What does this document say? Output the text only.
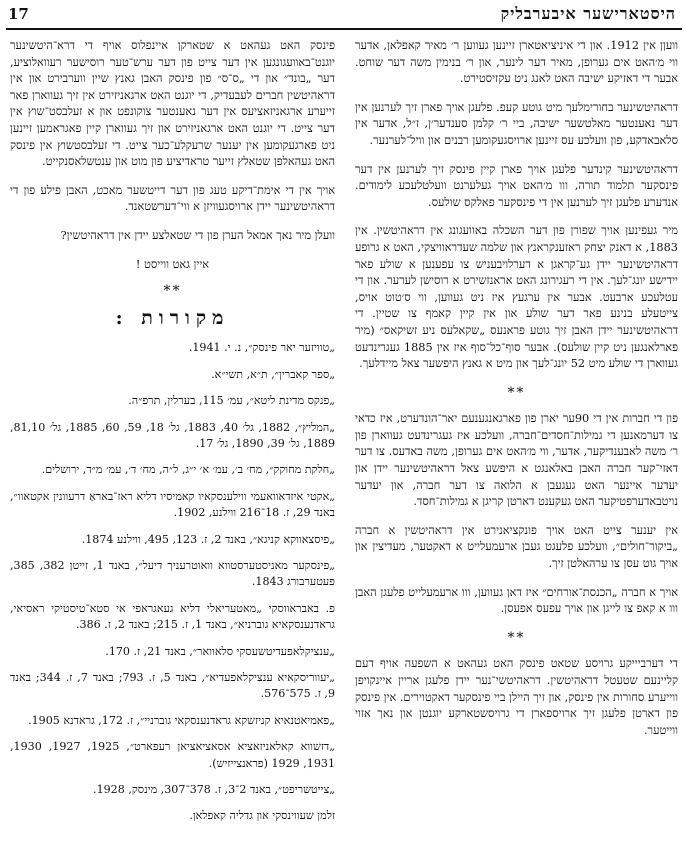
17	היסטארישער איבערבליק

וועןן אין 1912. און די איניציאטארן זיינען געווען ר׳ מאיר קאפלאן, אדער ווי מ׳האט אים גערופן, מאיר דער לינער, און ר׳ בנימין משה דער שוחט. אבער די דאזיקע ישיבה האט לאנג ניט עקזיסטירט.

דראהיטשינער בחורימלעך מיט גוטע קעפ. פלעגן אויך פארן זיך לערנען אין דער נאענטער מאלטשער ישיבה, ביי ר׳ קלמן סענדער׳ן, ז״ל, אדער אין סלאבאדקע, פון וועלכע עס זיינען ארויסגעקומען רבנים און וויל־לערנער.

דראהיטשינער קינדער פלעגן אויך פארן קיין פינסק זיך לערנען אין דער פינסקער תלמוד תורה, ווו מ׳האט אויך געלערנט וועלטלעכע לימודים. אנדערע פלעגן זיך לערנען אין די פינסקער פאלקס שולעס.

מיר געפינען אויך שפורן פון דער השכלה באוועגונג אין דראהיטשין. אין 1883, א דאנק יצחק ראזענקראנץ און שלמה שעדראוויצקי, האט א גרופע דראהיטשינער יידן גע־קראגן א דערלויבעניש צו עפענען א שולע פאר יידישע יונג־לעך. אין די רעגירונג האט אראנזשירט א רוסישן לערער. און די עטלעכע ארבעט. אבער אין ערגעץ איז ניט געווען, ווי ס׳טוט אויס, צייטעלע בנינע פאר דער שולע און אין קיין קאמף צו שטיין. די דראהיטשינער יידן האבן זיך גוטע פראנעס „שקאלעס ניע זשיקאס״ (מיר פארלאנגען ניט קיין שולעס). אבער סוף־כל־סוף איז אין 1885 געגרינדעט געווארן די שולע מיט 52 יונג־לעך און מיט א גאנץ היפשער צאל מיידלעך.

**

פון די חברות אין די 90ער יארן פון פארגאנגענעם יאר־הונדערט, איז כדאי צו דערמאנען די גמילות־חסדים־חברה, וועלכע איז געגרינדעט געווארן פון ר׳ משה לאבענדיקער, אדער, ווי מ׳האט אים גערופן, משה באדעס. צו דער דאזי־קער חברה האבן באלאנגט א היפשע צאל דראהיטשינער יידן און יעדער איינער האט געגעבן א הלואה צו דער חברה, און יעדער נויטבאדערפטיקער האט געקענט דארטן קריגן א גמילות־חסד.

אין יענער צייט האט אויך פונקציאנירט אין דראהיטשין א חברה „ביקור־חולים״, וועלכע פלעגט געבן ארעמעלייט א דאקטער, מעדיצין און אויך גוט עסן צו ערהאלטן זיך.

אויך א חברה „הכנסת־אורחים״ איז דאן געווען, ווו ארעמעלייט פלעגן האבן ווו א קאפ צו לייגן און אויך עפעס אפעסן.

**

די דערביייקע גרויסע שטאט פינסק האט געהאט א השפעה אויף דעם קליינעם שטעטל דראהיטשין. דראהיטשי־נער יידן פלעגן אריין איינקויפן ווייערע סחורות אין פינסק, און זיך היילן ביי פינסקער דאקטוירים. אין פינסק פון דארטן פלעגן זיך ארויספארן די גרויסשטארקע יוגנטן און נאך אזוי ווייטער.

פינסק האט געהאט א שטארקן איינפלוס אויף די דרא־היטשינער יוגנט־באוועגונגען אין דער צייט פון דער ערש־טער רוסישער רעוואלוציע, דער „בונד״ און די „ס־ס״ פון פינסק האבן גאנץ שיין ווערבירט און אין דראהיטשין חברים לעבעדיק, די יוגנט האט ארגאניזירט אין זיך געווארן פאר זייערע ארגאניזאציעס אין דער נאענטער צוקונפט און א זעלבסט־שוץ אין דער צייט. די יוגנט האט ארגאניזירט און זיך געווארן קיין פאגראמען זיינען ניט פארגעקומען אין יענער שרעקלע־כער צייט. די זעלבסטשוץ אין פינסק האט געהאלפן שטאלץ זייער טראדיציע פון מוט און ענטשלאסנקייט.

אויך אין די אימת־דיקע טעג פון דער דייטשער מאכט, האבן פילע פון די דראהיטשינער יידן ארויסגעוויזן א ווי־דערשטאנד.

וועלן מיר נאך אמאל הערן פון די שטאלצע יידן אין דראהיטשין?

איין גאט ווייסט !
**
מקורות :
„טוויזער יאר פינסק״, נ. י. 1941.
„ספר קאברין״, ת״א, תשי״א.
„פנקס מדינת ליטא״, עמ׳ 115, בערלין, תרפ״ה.
„המליץ״, 1882, גל׳ 40, 1883, גל׳ 18, 59, 60, 1885, גל׳ 81,10, 1889, גל׳ 39, 1890, גל׳ 17.
„חלקת מחוקק״, מח׳ ב׳, עמ׳ א׳ י״ג, ל״ה, מח׳ ד׳, עמ׳ מ״ד, ירושלים.
„אקטי איזדאוואעמי ווילענסקאיו קאמיסיו דליא ראז־באראַ דרעוונין אקטאוו״, באנד 29, ז. 18־216 ווילנע, 1902.
„פיסצאווקא קניגא״, באנד 2, ז. 123, 495, ווילנע 1874.
„פינסקער מאניסטערסטווא וואוטרעניך דיעל״, באנד 1, זייטן 382, 385, פעטערבורג 1843.
פ. באבראווסקי „מאטעריאלי דליא געאגראפי אי סטא־טיסטיקי ראסיאי, גראדנענסקאיא גוברניא״, באנד 1, ז. 215; באנד 2, ז. 386.
„ענציקלאפעדיטשעסקי סלאוואר״, באנד 21, ז. 170.
„יעווריסקאיא ענציקלאפעדיא״, באנד 5, ז. 793; באנד 7, ז. 344; באנד 9, ז. 575־576.
„פאמיאטנאיא קניזשקא גראדנענסקאי גוברניי״, ז. 172, גראדנא 1905.
„דזשווא קאלאניזאציא אסאציאציאן רעפארט״, 1925, 1927, 1930, 1931, 1929 (פראנצייזיש).
„צייטשריפט״, באנד 2־3, ז. 378־307, מינסק, 1928.
זלמן שעווינסקי און גדליה קאפלאן.
